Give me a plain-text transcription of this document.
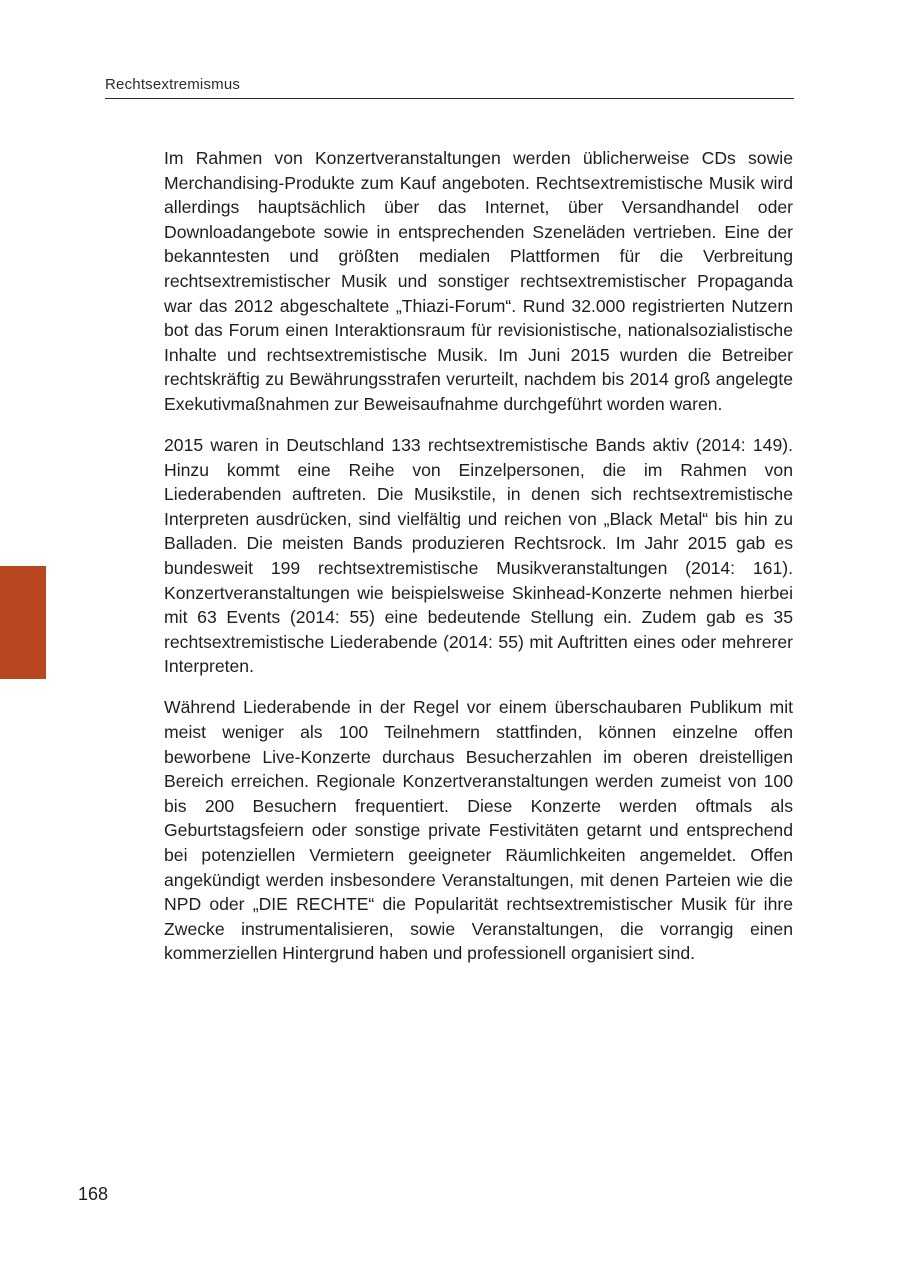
Rechtsextremismus

Im Rahmen von Konzertveranstaltungen werden üblicherweise CDs sowie Merchandising-Produkte zum Kauf angeboten. Rechtsextremistische Musik wird allerdings hauptsächlich über das Internet, über Versandhandel oder Downloadangebote sowie in entsprechenden Szeneläden vertrieben. Eine der bekanntesten und größten medialen Plattformen für die Verbreitung rechtsextremistischer Musik und sonstiger rechtsextremistischer Propaganda war das 2012 abgeschaltete „Thiazi-Forum“. Rund 32.000 registrierten Nutzern bot das Forum einen Interaktionsraum für revisionistische, nationalsozialistische Inhalte und rechtsextremistische Musik. Im Juni 2015 wurden die Betreiber rechtskräftig zu Bewährungsstrafen verurteilt, nachdem bis 2014 groß angelegte Exekutivmaßnahmen zur Beweisaufnahme durchgeführt worden waren.

2015 waren in Deutschland 133 rechtsextremistische Bands aktiv (2014: 149). Hinzu kommt eine Reihe von Einzelpersonen, die im Rahmen von Liederabenden auftreten. Die Musikstile, in denen sich rechtsextremistische Interpreten ausdrücken, sind vielfältig und reichen von „Black Metal“ bis hin zu Balladen. Die meisten Bands produzieren Rechtsrock. Im Jahr 2015 gab es bundesweit 199 rechtsextremistische Musikveranstaltungen (2014: 161). Konzertveranstaltungen wie beispielsweise Skinhead-Konzerte nehmen hierbei mit 63 Events (2014: 55) eine bedeutende Stellung ein. Zudem gab es 35 rechtsextremistische Liederabende (2014: 55) mit Auftritten eines oder mehrerer Interpreten.

Während Liederabende in der Regel vor einem überschaubaren Publikum mit meist weniger als 100 Teilnehmern stattfinden, können einzelne offen beworbene Live-Konzerte durchaus Besucherzahlen im oberen dreistelligen Bereich erreichen. Regionale Konzertveranstaltungen werden zumeist von 100 bis 200 Besuchern frequentiert. Diese Konzerte werden oftmals als Geburtstagsfeiern oder sonstige private Festivitäten getarnt und entsprechend bei potenziellen Vermietern geeigneter Räumlichkeiten angemeldet. Offen angekündigt werden insbesondere Veranstaltungen, mit denen Parteien wie die NPD oder „DIE RECHTE“ die Popularität rechtsextremistischer Musik für ihre Zwecke instrumentalisieren, sowie Veranstaltungen, die vorrangig einen kommerziellen Hintergrund haben und professionell organisiert sind.

168
